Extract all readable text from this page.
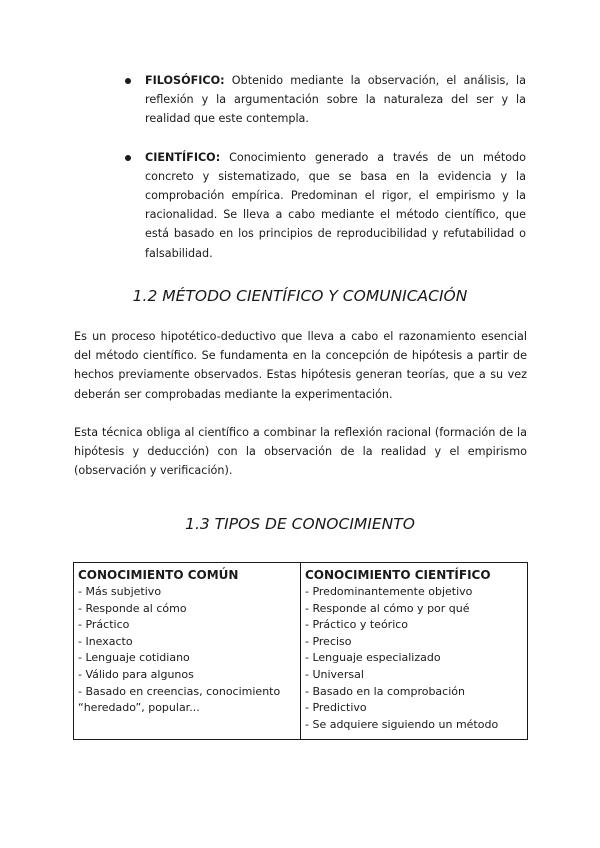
FILOSÓFICO: Obtenido mediante la observación, el análisis, la reflexión y la argumentación sobre la naturaleza del ser y la realidad que este contempla.
CIENTÍFICO: Conocimiento generado a través de un método concreto y sistematizado, que se basa en la evidencia y la comprobación empírica. Predominan el rigor, el empirismo y la racionalidad. Se lleva a cabo mediante el método científico, que está basado en los principios de reproducibilidad y refutabilidad o falsabilidad.
1.2 MÉTODO CIENTÍFICO Y COMUNICACIÓN

Es un proceso hipotético-deductivo que lleva a cabo el razonamiento esencial del método científico. Se fundamenta en la concepción de hipótesis a partir de hechos previamente observados. Estas hipótesis generan teorías, que a su vez deberán ser comprobadas mediante la experimentación.

Esta técnica obliga al científico a combinar la reflexión racional (formación de la hipótesis y deducción) con la observación de la realidad y el empirismo (observación y verificación).

1.3 TIPOS DE CONOCIMIENTO
CONOCIMIENTO COMÚN
- Más subjetivo
- Responde al cómo
- Práctico
- Inexacto
- Lenguaje cotidiano
- Válido para algunos
- Basado en creencias, conocimiento “heredado”, popular...

CONOCIMIENTO CIENTÍFICO
- Predominantemente objetivo
- Responde al cómo y por qué
- Práctico y teórico
- Preciso
- Lenguaje especializado
- Universal
- Basado en la comprobación
- Predictivo
- Se adquiere siguiendo un método
